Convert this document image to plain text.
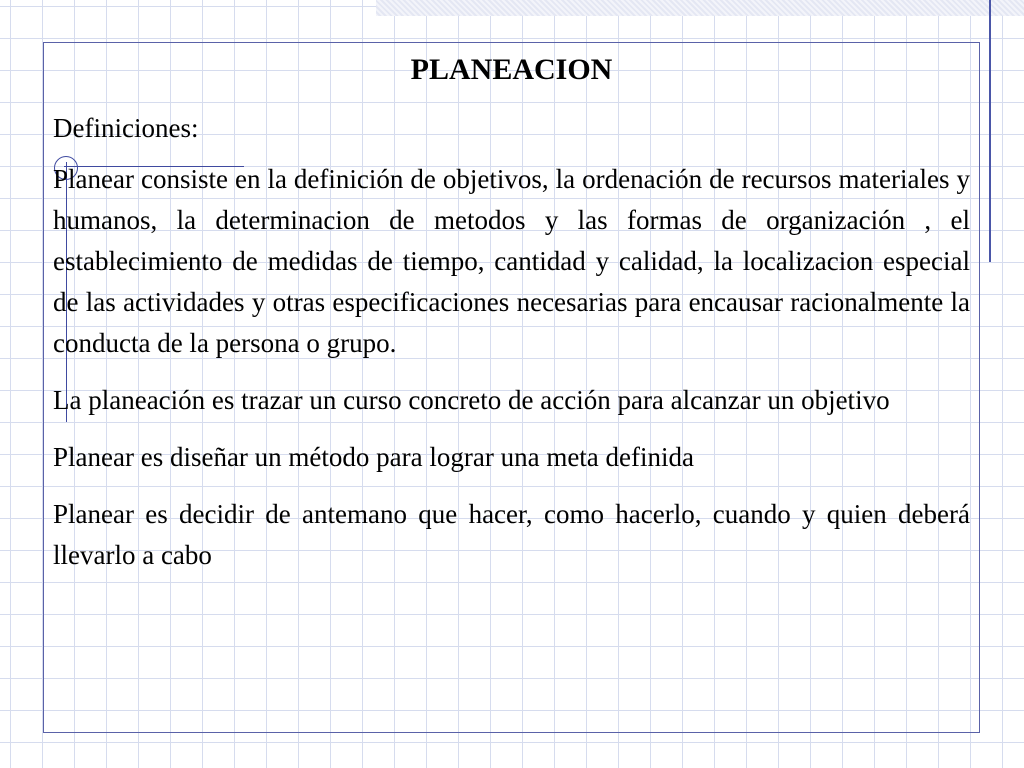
PLANEACION

Definiciones:

Planear consiste en la definición de objetivos, la ordenación de recursos materiales y humanos, la determinacion de metodos y las formas de organización , el establecimiento de medidas de tiempo, cantidad y calidad, la localizacion especial de las actividades y otras especificaciones necesarias para encausar racionalmente la conducta de la persona o grupo.

La planeación es trazar un curso concreto de acción para alcanzar un objetivo

Planear es diseñar un método para lograr una meta definida

Planear es decidir de antemano que hacer, como hacerlo, cuando y quien deberá llevarlo a cabo
